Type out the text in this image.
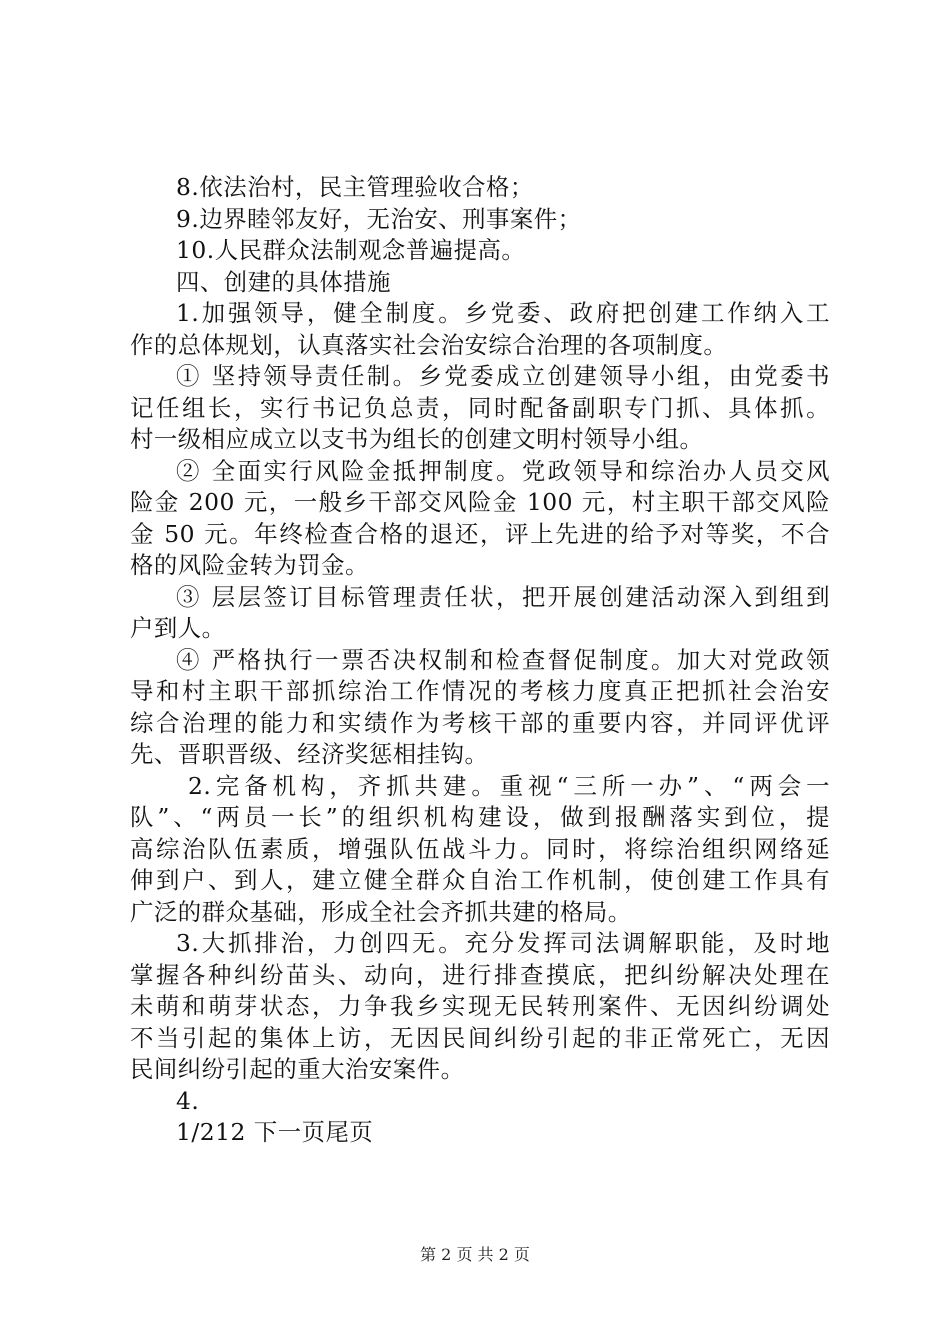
8.依法治村，民主管理验收合格；
9.边界睦邻友好，无治安、刑事案件；
10.人民群众法制观念普遍提高。
四、创建的具体措施
1.加强领导，健全制度。乡党委、政府把创建工作纳入工
作的总体规划，认真落实社会治安综合治理的各项制度。
① 坚持领导责任制。乡党委成立创建领导小组，由党委书
记任组长，实行书记负总责，同时配备副职专门抓、具体抓。
村一级相应成立以支书为组长的创建文明村领导小组。
② 全面实行风险金抵押制度。党政领导和综治办人员交风
险金 200 元，一般乡干部交风险金 100 元，村主职干部交风险
金 50 元。年终检查合格的退还，评上先进的给予对等奖，不合
格的风险金转为罚金。
③ 层层签订目标管理责任状，把开展创建活动深入到组到
户到人。
④ 严格执行一票否决权制和检查督促制度。加大对党政领
导和村主职干部抓综治工作情况的考核力度真正把抓社会治安
综合治理的能力和实绩作为考核干部的重要内容，并同评优评
先、晋职晋级、经济奖惩相挂钩。
2.完备机构，齐抓共建。重视“三所一办”、“两会一
队”、“两员一长”的组织机构建设，做到报酬落实到位，提
高综治队伍素质，增强队伍战斗力。同时，将综治组织网络延
伸到户、到人，建立健全群众自治工作机制，使创建工作具有
广泛的群众基础，形成全社会齐抓共建的格局。
3.大抓排治，力创四无。充分发挥司法调解职能，及时地
掌握各种纠纷苗头、动向，进行排查摸底，把纠纷解决处理在
未萌和萌芽状态，力争我乡实现无民转刑案件、无因纠纷调处
不当引起的集体上访，无因民间纠纷引起的非正常死亡，无因
民间纠纷引起的重大治安案件。
4.
1/212 下一页尾页
第 2 页 共 2 页
